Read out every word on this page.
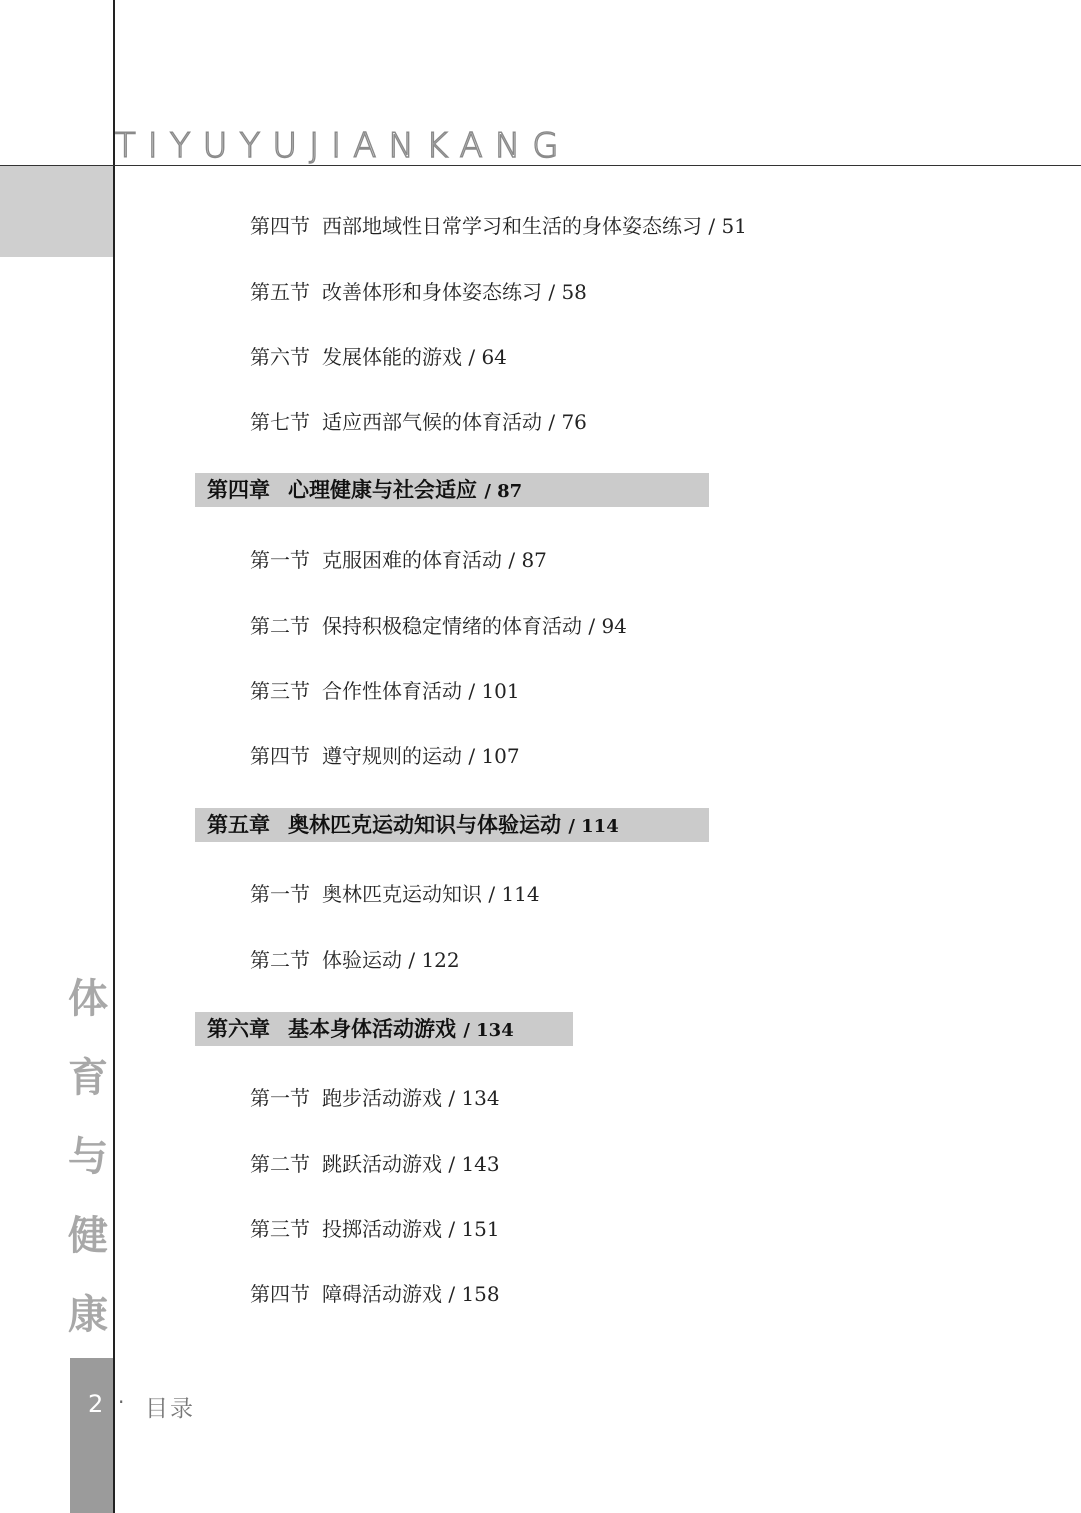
TIYUYUJIANKANG
体
育
与
健
康
2 · 目录
第四节 西部地域性日常学习和生活的身体姿态练习 / 51
第五节 改善体形和身体姿态练习 / 58
第六节 发展体能的游戏 / 64
第七节 适应西部气候的体育活动 / 76
第四章 心理健康与社会适应 / 87
第一节 克服困难的体育活动 / 87
第二节 保持积极稳定情绪的体育活动 / 94
第三节 合作性体育活动 / 101
第四节 遵守规则的运动 / 107
第五章 奥林匹克运动知识与体验运动 / 114
第一节 奥林匹克运动知识 / 114
第二节 体验运动 / 122
第六章 基本身体活动游戏 / 134
第一节 跑步活动游戏 / 134
第二节 跳跃活动游戏 / 143
第三节 投掷活动游戏 / 151
第四节 障碍活动游戏 / 158
